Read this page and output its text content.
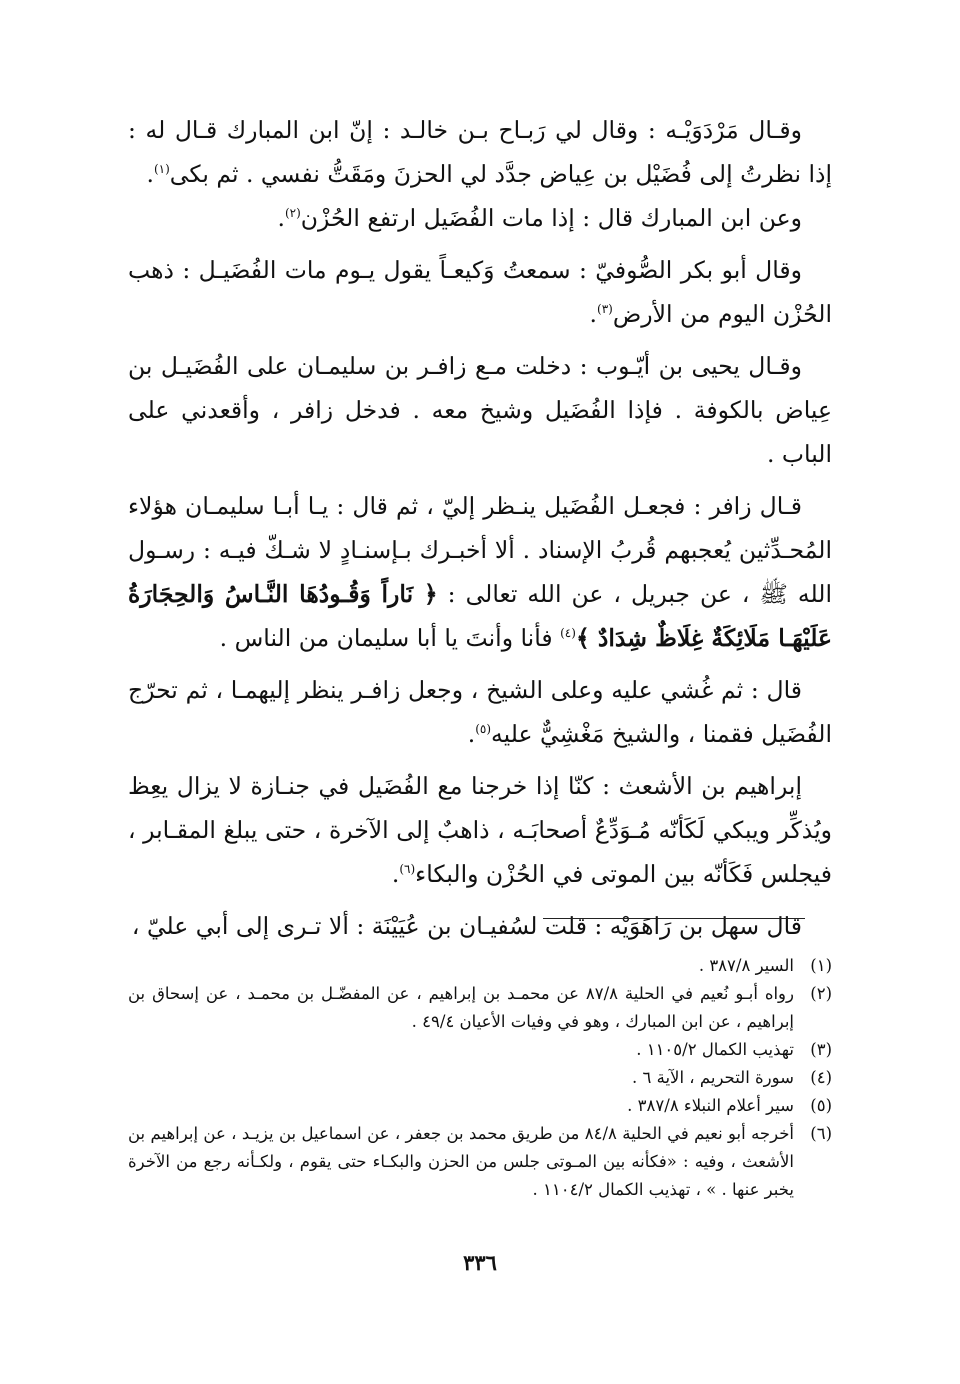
وقـال مَرْدَوَيْـه : وقال لي رَبـاح بـن خالـد : إنّ ابن المبارك قـال له : إذا نظرتُ إلى فُضَيْل بن عِياض جدَّد لي الحزنَ ومَقَتُّ نفسي . ثم بكى$^{(١)}$.

وعن ابن المبارك قال : إذا مات الفُضَيل ارتفع الحُزْن$^{(٢)}$.

وقال أبو بكر الصُّوفيّ : سمعتُ وَكيعـاً يقول يـوم مات الفُضَيـل : ذهب الحُزْن اليوم من الأرض$^{(٣)}$.

وقـال يحيى بن أيّـوب : دخلت مـع زافـر بن سليمـان على الفُضَيـل بن عِياض بالكوفة . فإذا الفُضَيل وشيخ معه . فدخل زافر ، وأقعدني على الباب .

قـال زافر : فجعـل الفُضَيل ينـظر إليّ ، ثم قال : يـا أبـا سليمـان هؤلاء المُحـدِّثين يُعجبهم قُربُ الإسناد . ألا أخبـرك بـإسنـادٍ لا شـكّ فيـه : رسـول الله ﷺ ، عن جبريل ، عن الله تعالى : ﴿ نَاراً وَقُـودُهَا النَّـاسُ وَالحِجَارَةُ عَلَيْهَـا مَلَائِكَةٌ غِلَاظٌ شِدَادٌ ﴾$^{(٤)}$ فأنا وأنتَ يا أبا سليمان من الناس .

قال : ثم غُشي عليه وعلى الشيخ ، وجعل زافـر ينظر إليهمـا ، ثم تحرّج الفُضَيل فقمنا ، والشيخ مَغْشِيٌّ عليه$^{(٥)}$.

إبراهيم بن الأشعث : كنّا إذا خرجنا مع الفُضَيل في جنـازة لا يزال يعِظ ويُذكِّر ويبكي لَكَأنّه مُـوَدِّعٌ أصحابَـه ، ذاهبٌ إلى الآخرة ، حتى يبلغ المقـابر ، فيجلس فَكَأنّه بين الموتى في الحُزْن والبكاء$^{(٦)}$.

قال سهل بن رَاهَوَيْه : قلت لسُفيـان بن عُيَيْنَة : ألا تـرى إلى أبي عليّ ،

(١)
السير ٣٨٧/٨ .
(٢)
رواه أبـو نُعيم في الحلية ٨٧/٨ عن محمـد بن إبراهيم ، عن المفضّـل بن محمـد ، عن إسحاق بن إبراهيم ، عن ابن المبارك ، وهو في وفيات الأعيان ٤٩/٤ .
(٣)
تهذيب الكمال ١١٠٥/٢ .
(٤)
سورة التحريم ، الآية ٦ .
(٥)
سير أعلام النبلاء ٣٨٧/٨ .
(٦)
أخرجه أبو نعيم في الحلية ٨٤/٨ من طريق محمد بن جعفر ، عن اسماعيل بن يزيـد ، عن إبراهيم بن الأشعث ، وفيه : «فكأنه بين المـوتى جلس من الحزن والبكـاء حتى يقوم ، ولكـأنه رجع من الآخرة يخبر عنها . » ، تهذيب الكمال ١١٠٤/٢ .
٣٣٦
